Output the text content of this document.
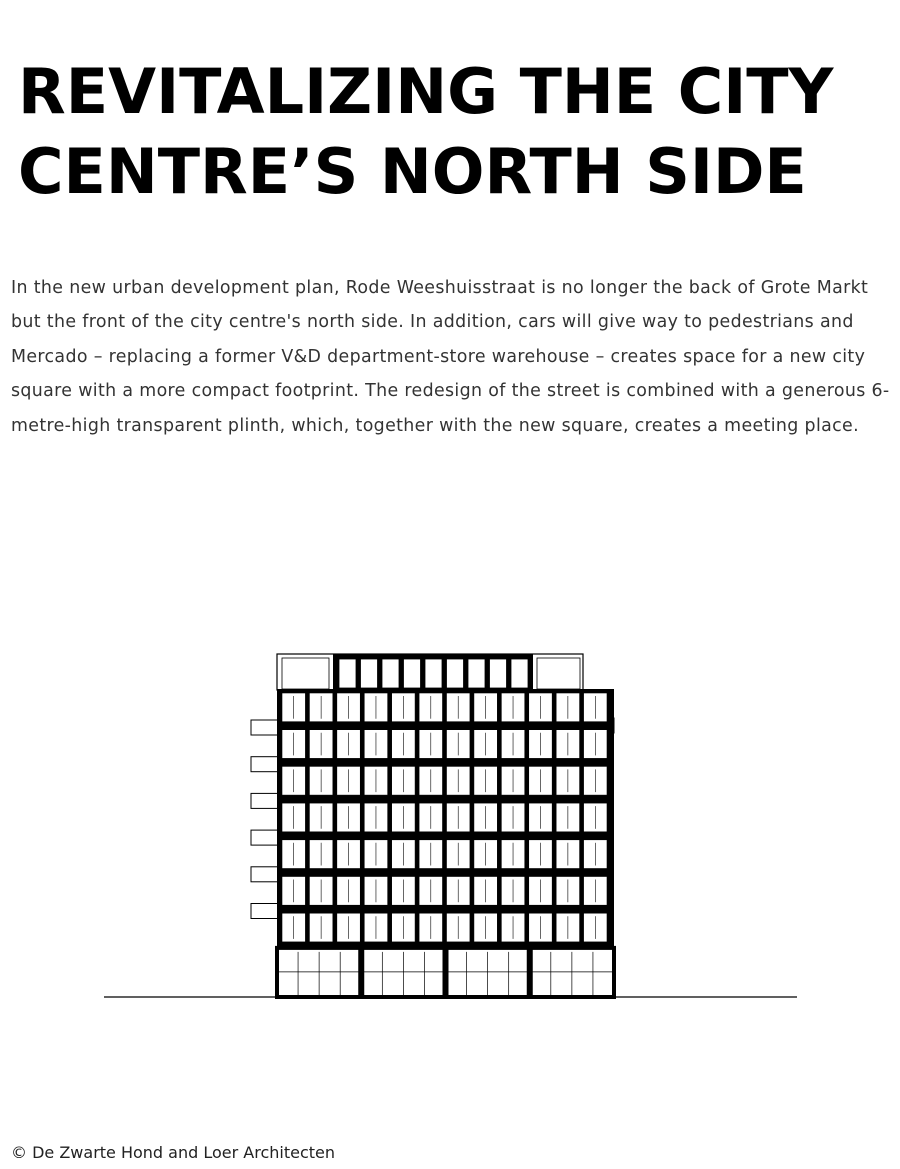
REVITALIZING THE CITY
CENTRE’S NORTH SIDE

In the new urban development plan, Rode Weeshuisstraat is no longer the back of Grote Markt but the front of the city centre's north side. In addition, cars will give way to pedestrians and Mercado – replacing a former V&D department-store warehouse – creates space for a new city square with a more compact footprint. The redesign of the street is combined with a generous 6-metre-high transparent plinth, which, together with the new square, creates a meeting place.

© De Zwarte Hond and Loer Architecten
